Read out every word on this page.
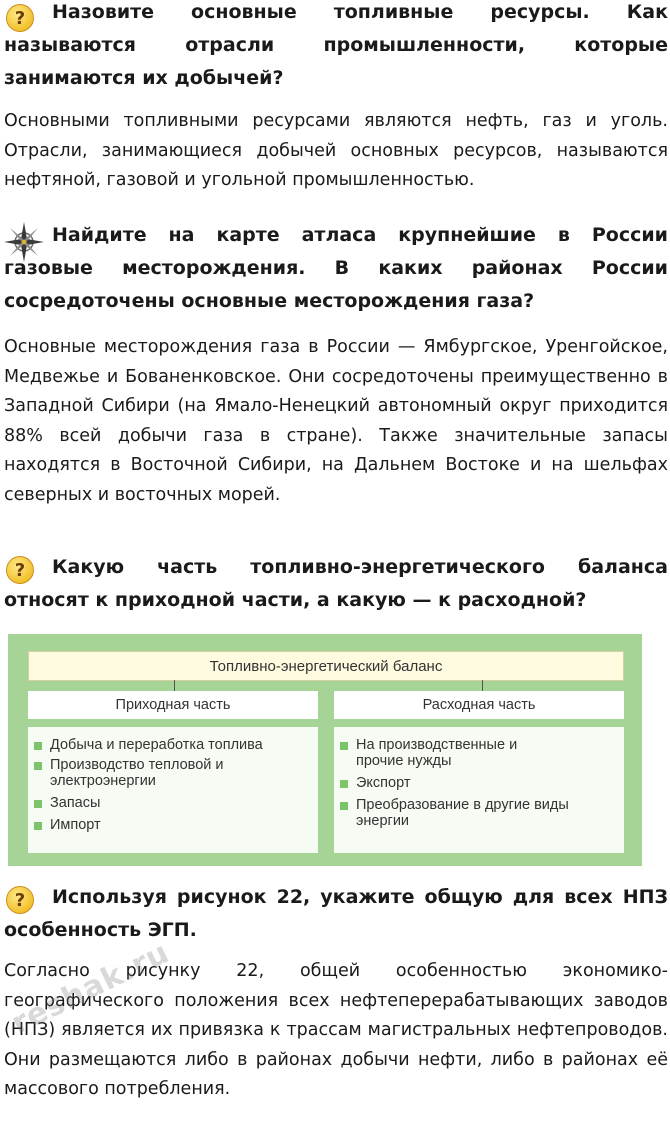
?	Назовите основные топливные ресурсы. Как называются отрасли промышленности, которые занимаются их добычей?
Основными топливными ресурсами являются нефть, газ и уголь. Отрасли, занимающиеся добычей основных ресурсов, называются нефтяной, газовой и угольной промышленностью.
Найдите на карте атласа крупнейшие в России газовые месторождения. В каких районах России сосредоточены основные месторождения газа?
Основные месторождения газа в России — Ямбургское, Уренгойское, Медвежье и Бованенковское. Они сосредоточены преимущественно в Западной Сибири (на Ямало-Ненецкий автономный округ приходится 88% всей добычи газа в стране). Также значительные запасы находятся в Восточной Сибири, на Дальнем Востоке и на шельфах северных и восточных морей.
?	Какую часть топливно-энергетического баланса относят к приходной части, а какую — к расходной?
Топливно-энергетический баланс
Приходная часть	Расходная часть
Добыча и переработка топлива
Производство тепловой и электроэнергии
Запасы
Импорт
На производственные и прочие нужды
Экспорт
Преобразование в другие виды энергии
?	Используя рисунок 22, укажите общую для всех НПЗ особенность ЭГП.
Согласно рисунку 22, общей особенностью экономико-географического положения всех нефтеперерабатывающих заводов (НПЗ) является их привязка к трассам магистральных нефтепроводов. Они размещаются либо в районах добычи нефти, либо в районах её массового потребления.
reshak.ru
